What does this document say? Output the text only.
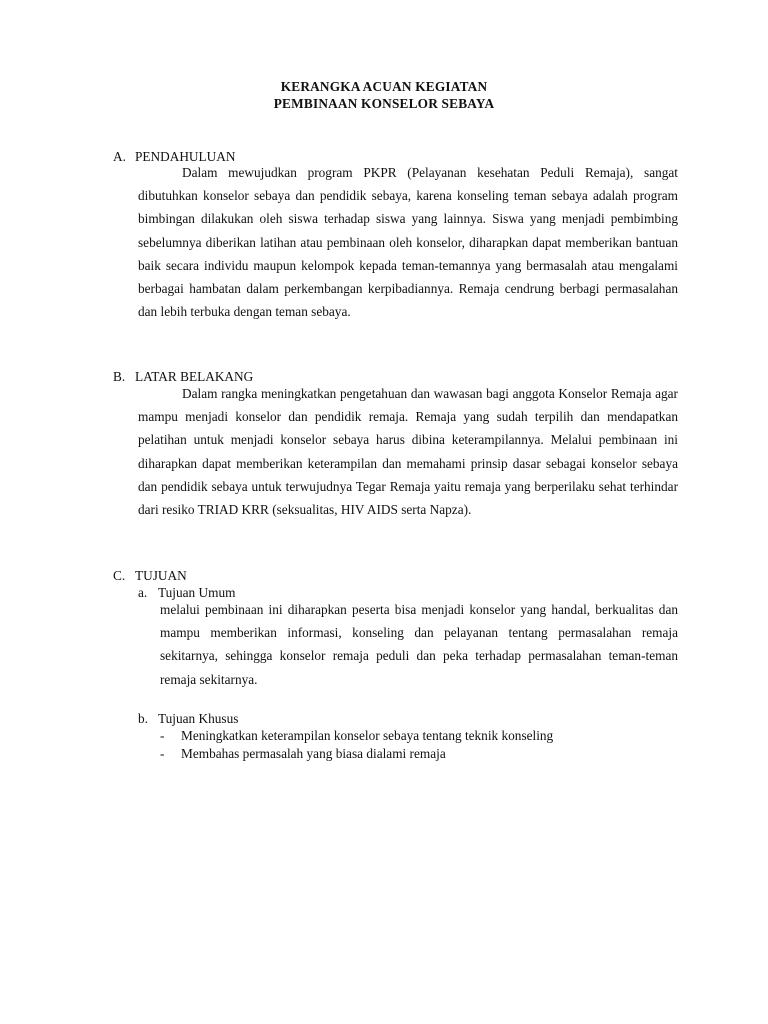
KERANGKA ACUAN KEGIATAN
PEMBINAAN KONSELOR SEBAYA
A. PENDAHULUAN

Dalam mewujudkan program PKPR (Pelayanan kesehatan Peduli Remaja), sangat dibutuhkan konselor sebaya dan pendidik sebaya, karena konseling teman sebaya adalah program bimbingan dilakukan oleh siswa terhadap siswa yang lainnya. Siswa yang menjadi pembimbing sebelumnya diberikan latihan atau pembinaan oleh konselor, diharapkan dapat memberikan bantuan baik secara individu maupun kelompok kepada teman-temannya yang bermasalah atau mengalami berbagai hambatan dalam perkembangan kerpibadiannya. Remaja cendrung berbagi permasalahan dan lebih terbuka dengan teman sebaya.

B. LATAR BELAKANG

Dalam rangka meningkatkan pengetahuan dan wawasan bagi anggota Konselor Remaja agar mampu menjadi konselor dan pendidik remaja. Remaja yang sudah terpilih dan mendapatkan pelatihan untuk menjadi konselor sebaya harus dibina keterampilannya. Melalui pembinaan ini diharapkan dapat memberikan keterampilan dan memahami prinsip dasar sebagai konselor sebaya dan pendidik sebaya untuk terwujudnya Tegar Remaja yaitu remaja yang berperilaku sehat terhindar dari resiko TRIAD KRR (seksualitas, HIV AIDS serta Napza).

C. TUJUAN
a. Tujuan Umum

melalui pembinaan ini diharapkan peserta bisa menjadi konselor yang handal, berkualitas dan mampu memberikan informasi, konseling dan pelayanan tentang permasalahan remaja sekitarnya, sehingga konselor remaja peduli dan peka terhadap permasalahan teman-teman remaja sekitarnya.

b. Tujuan Khusus
- Meningkatkan keterampilan konselor sebaya tentang teknik konseling
- Membahas permasalah yang biasa dialami remaja
